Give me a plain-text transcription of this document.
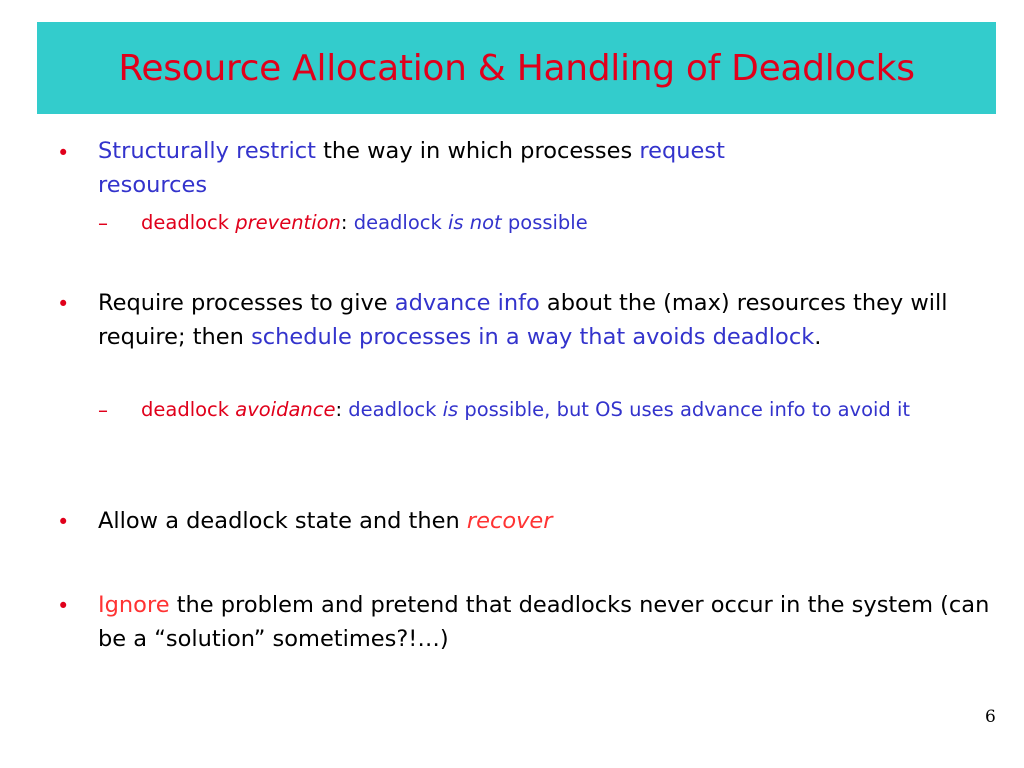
Resource Allocation & Handling of Deadlocks
• Structurally restrict the way in which processes request
resources
– deadlock prevention: deadlock is not possible
• Require processes to give advance info about the (max) resources they will require; then schedule processes in a way that avoids deadlock.
– deadlock avoidance: deadlock is possible, but OS uses advance info to avoid it
• Allow a deadlock state and then recover
• Ignore the problem and pretend that deadlocks never occur in the system (can be a “solution” sometimes?!…)
6
